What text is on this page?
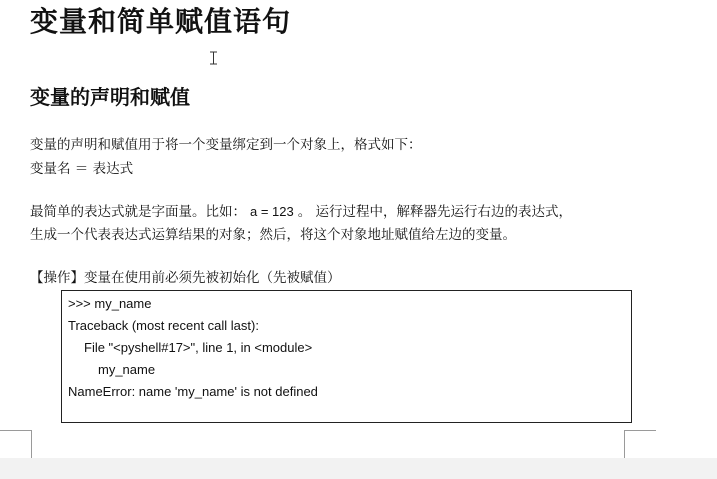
变量和简单赋值语句
变量的声明和赋值
变量的声明和赋值用于将一个变量绑定到一个对象上，格式如下：
变量名 ＝ 表达式
最简单的表达式就是字面量。比如： a = 123 。 运行过程中，解释器先运行右边的表达式，
生成一个代表表达式运算结果的对象；然后，将这个对象地址赋值给左边的变量。
【操作】变量在使用前必须先被初始化（先被赋值）
>>> my_name
Traceback (most recent call last):
File "<pyshell#17>", line 1, in <module>
my_name
NameError: name 'my_name' is not defined
